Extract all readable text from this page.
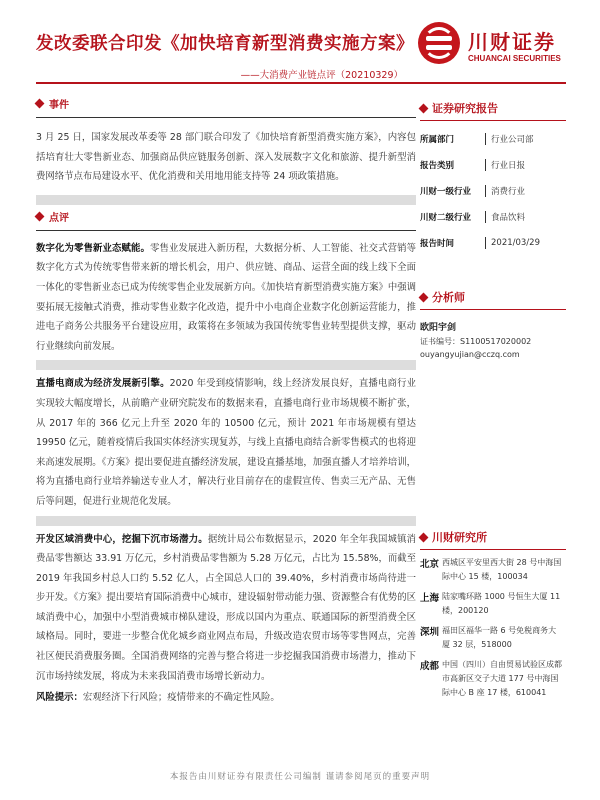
发改委联合印发《加快培育新型消费实施方案》
——大消费产业链点评（20210329）
川财证券
CHUANCAI SECURITIES
事件
3 月 25 日，国家发展改革委等 28 部门联合印发了《加快培育新型消费实施方案》，内容包括培育壮大零售新业态、加强商品供应链服务创新、深入发展数字文化和旅游、提升新型消费网络节点布局建设水平、优化消费和关用地用能支持等 24 项政策措施。
点评
数字化为零售新业态赋能。零售业发展进入新历程，大数据分析、人工智能、社交式营销等数字化方式为传统零售带来新的增长机会，用户、供应链、商品、运营全面的线上线下全面一体化的零售新业态已成为传统零售企业发展新方向。《加快培育新型消费实施方案》中强调要拓展无接触式消费，推动零售业数字化改造，提升中小电商企业数字化创新运营能力，推进电子商务公共服务平台建设应用，政策将在多领域为我国传统零售业转型提供支撑，驱动行业继续向前发展。
直播电商成为经济发展新引擎。2020 年受到疫情影响，线上经济发展良好，直播电商行业实现较大幅度增长，从前瞻产业研究院发布的数据来看，直播电商行业市场规模不断扩张，从 2017 年的 366 亿元上升至 2020 年的 10500 亿元，预计 2021 年市场规模有望达 19950 亿元，随着疫情后我国实体经济实现复苏，与线上直播电商结合新零售模式的也将迎来高速发展期。《方案》提出要促进直播经济发展，建设直播基地，加强直播人才培养培训，将为直播电商行业培养输送专业人才，解决行业目前存在的虚假宣传、售卖三无产品、无售后等问题，促进行业规范化发展。
开发区域消费中心，挖掘下沉市场潜力。据统计局公布数据显示，2020 年全年我国城镇消费品零售额达 33.91 万亿元，乡村消费品零售额为 5.28 万亿元，占比为 15.58%，而截至 2019 年我国乡村总人口约 5.52 亿人，占全国总人口的 39.40%，乡村消费市场尚待进一步开发。《方案》提出要培育国际消费中心城市，建设辐射带动能力强、资源整合有优势的区域消费中心，加强中小型消费城市梯队建设，形成以国内为重点、联通国际的新型消费全区域格局。同时，要进一步整合优化城乡商业网点布局，升级改造农贸市场等零售网点，完善社区便民消费服务圈。全国消费网络的完善与整合将进一步挖掘我国消费市场潜力，推动下沉市场持续发展，将成为未来我国消费市场增长新动力。
风险提示：宏观经济下行风险；疫情带来的不确定性风险。
证券研究报告
所属部门	行业公司部
报告类别	行业日报
川财一级行业	消费行业
川财二级行业	食品饮料
报告时间	2021/03/29
分析师
欧阳宇剑
证书编号：S1100517020002
ouyangyujian@cczq.com
川财研究所
北京 西城区平安里西大街 28 号中海国际中心 15 楼，100034
上海 陆家嘴环路 1000 号恒生大厦 11 楼，200120
深圳 福田区福华一路 6 号免税商务大厦 32 层，518000
成都 中国（四川）自由贸易试验区成都市高新区交子大道 177 号中海国际中心 B 座 17 楼，610041
本报告由川财证券有限责任公司编制 谨请参阅尾页的重要声明
